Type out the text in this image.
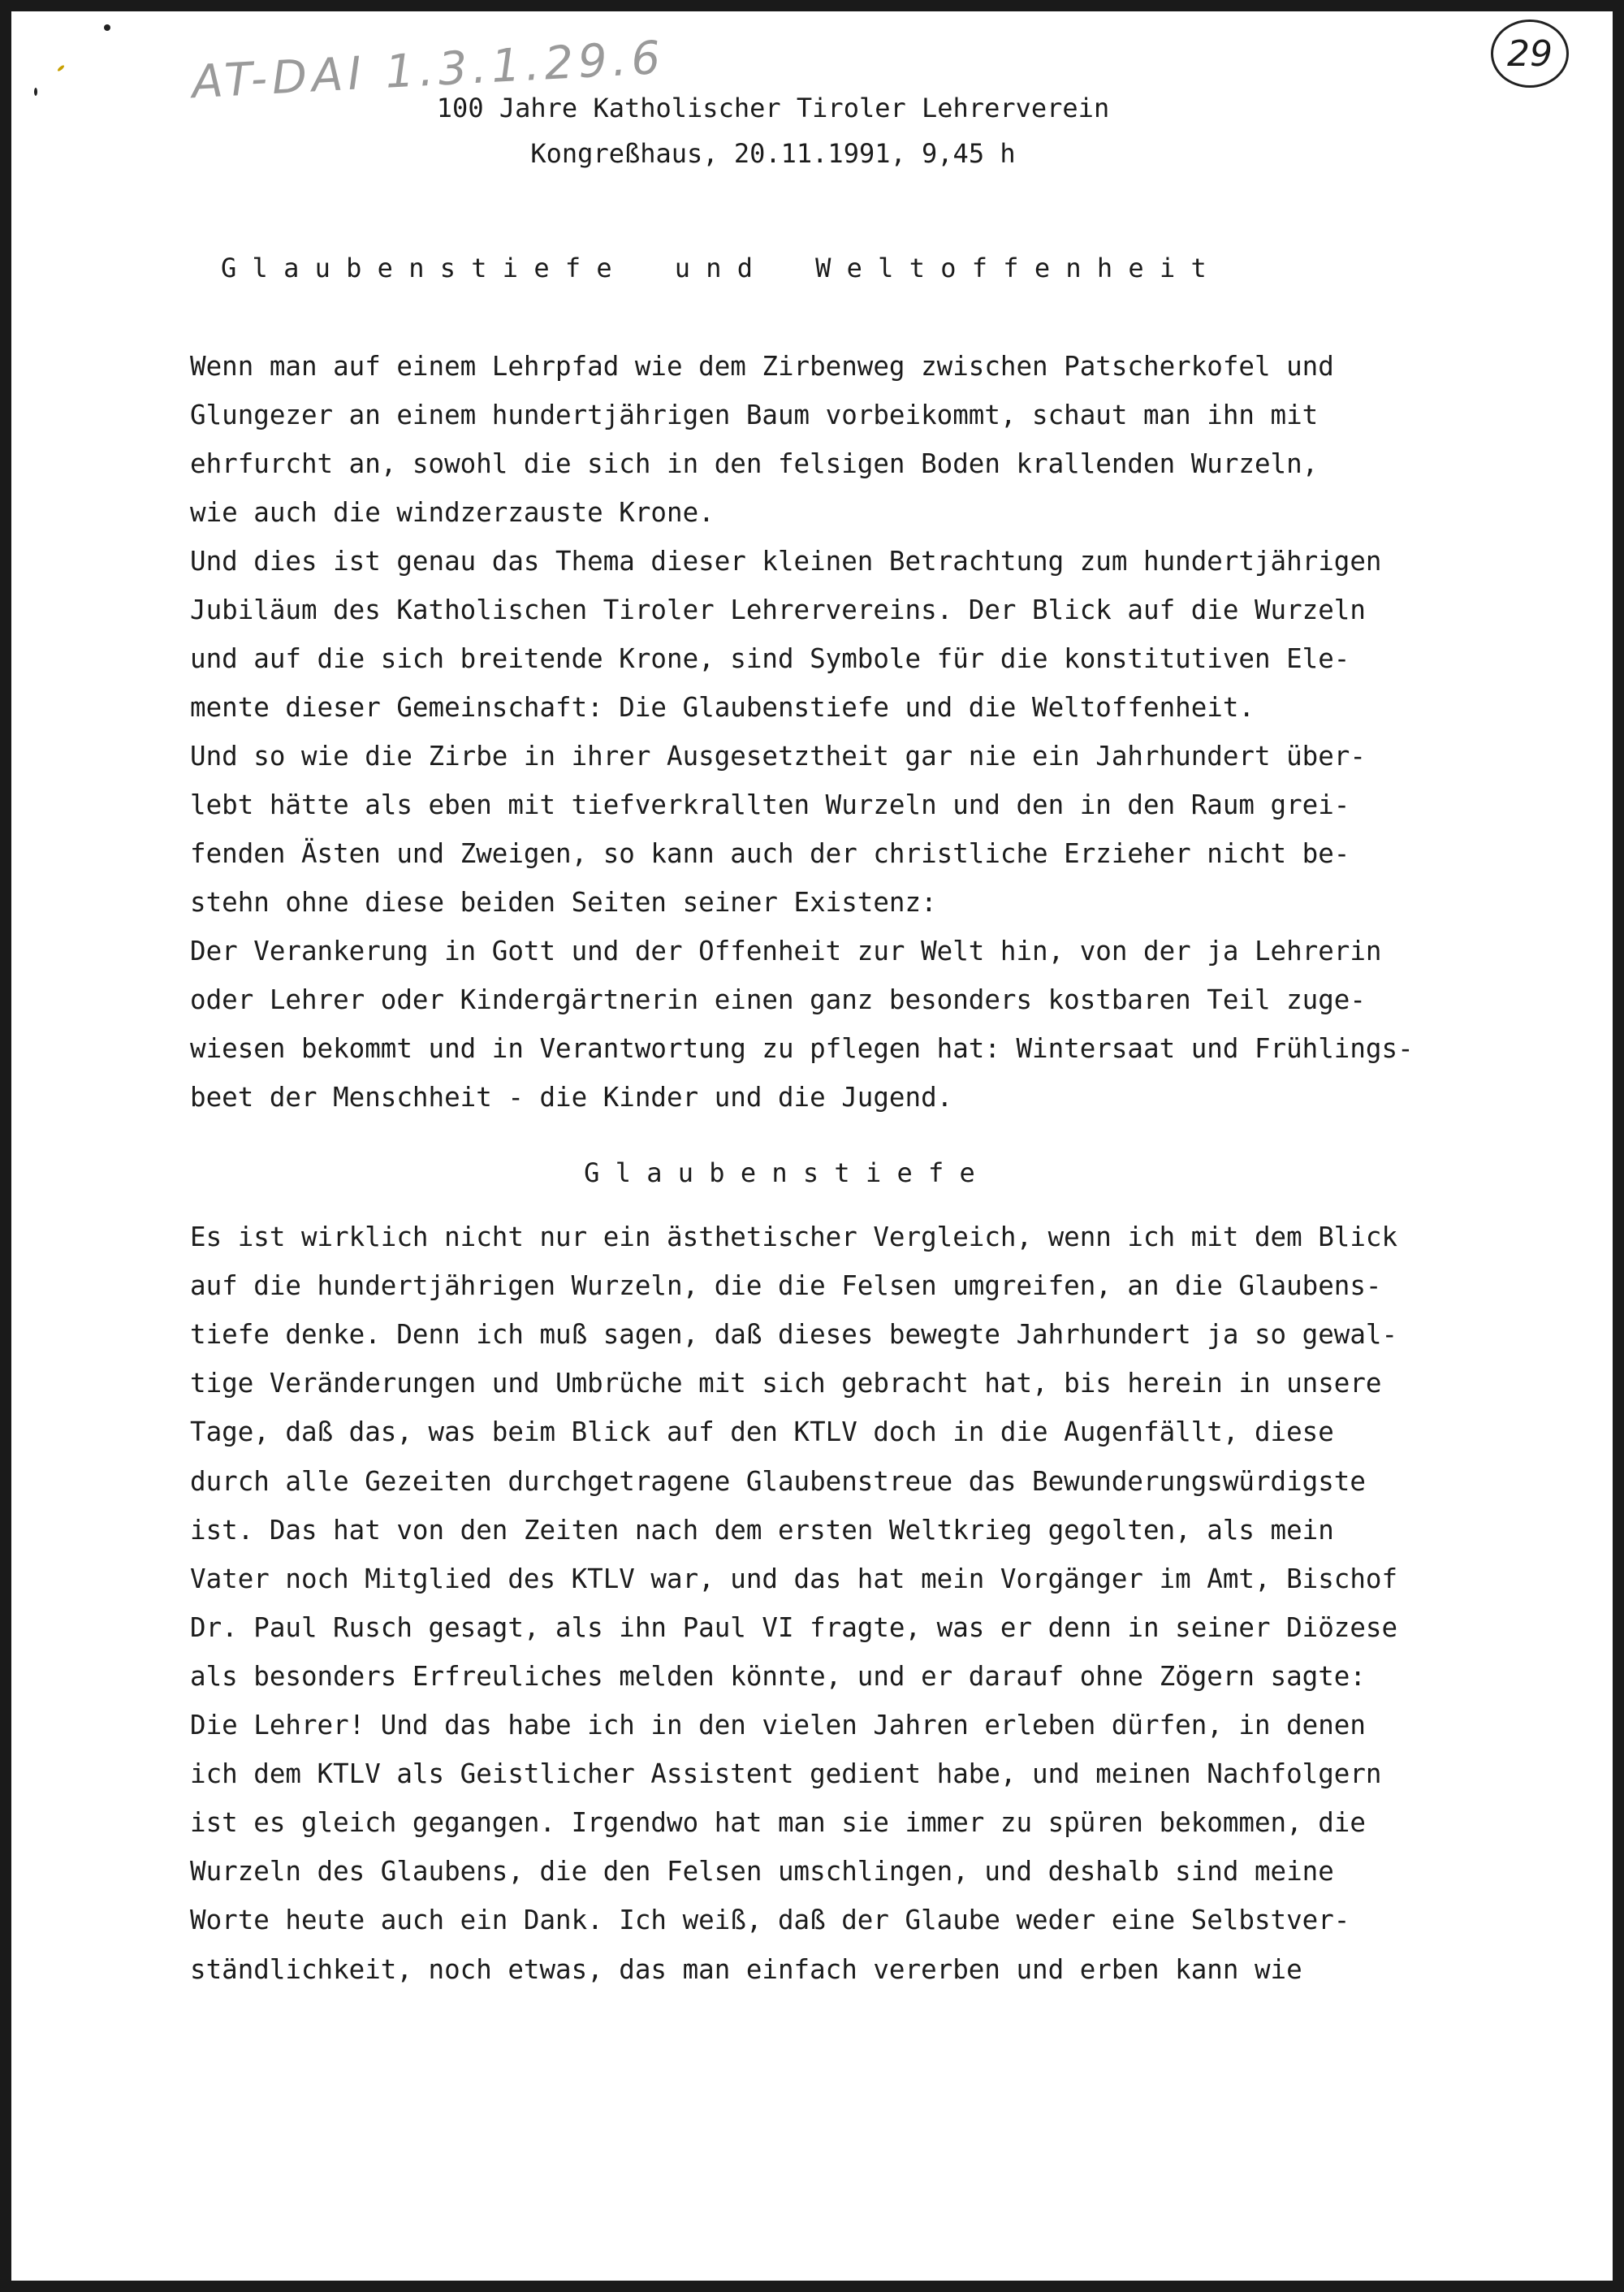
AT-DAI 1.3.1.29.6	29
100 Jahre Katholischer Tiroler Lehrerverein
Kongreßhaus, 20.11.1991, 9,45 h
G l a u b e n s t i e f e    u n d    W e l t o f f e n h e i t
Wenn man auf einem Lehrpfad wie dem Zirbenweg zwischen Patscherkofel und
Glungezer an einem hundertjährigen Baum vorbeikommt, schaut man ihn mit
ehrfurcht an, sowohl die sich in den felsigen Boden krallenden Wurzeln,
wie auch die windzerzauste Krone.
Und dies ist genau das Thema dieser kleinen Betrachtung zum hundertjährigen
Jubiläum des Katholischen Tiroler Lehrervereins. Der Blick auf die Wurzeln
und auf die sich breitende Krone, sind Symbole für die konstitutiven Ele-
mente dieser Gemeinschaft: Die Glaubenstiefe und die Weltoffenheit.
Und so wie die Zirbe in ihrer Ausgesetztheit gar nie ein Jahrhundert über-
lebt hätte als eben mit tiefverkrallten Wurzeln und den in den Raum grei-
fenden Ästen und Zweigen, so kann auch der christliche Erzieher nicht be-
stehn ohne diese beiden Seiten seiner Existenz:
Der Verankerung in Gott und der Offenheit zur Welt hin, von der ja Lehrerin
oder Lehrer oder Kindergärtnerin einen ganz besonders kostbaren Teil zuge-
wiesen bekommt und in Verantwortung zu pflegen hat: Wintersaat und Frühlings-
beet der Menschheit - die Kinder und die Jugend.
G l a u b e n s t i e f e
Es ist wirklich nicht nur ein ästhetischer Vergleich, wenn ich mit dem Blick
auf die hundertjährigen Wurzeln, die die Felsen umgreifen, an die Glaubens-
tiefe denke. Denn ich muß sagen, daß dieses bewegte Jahrhundert ja so gewal-
tige Veränderungen und Umbrüche mit sich gebracht hat, bis herein in unsere
Tage, daß das, was beim Blick auf den KTLV doch in die Augenfällt, diese
durch alle Gezeiten durchgetragene Glaubenstreue das Bewunderungswürdigste
ist. Das hat von den Zeiten nach dem ersten Weltkrieg gegolten, als mein
Vater noch Mitglied des KTLV war, und das hat mein Vorgänger im Amt, Bischof
Dr. Paul Rusch gesagt, als ihn Paul VI fragte, was er denn in seiner Diözese
als besonders Erfreuliches melden könnte, und er darauf ohne Zögern sagte:
Die Lehrer! Und das habe ich in den vielen Jahren erleben dürfen, in denen
ich dem KTLV als Geistlicher Assistent gedient habe, und meinen Nachfolgern
ist es gleich gegangen. Irgendwo hat man sie immer zu spüren bekommen, die
Wurzeln des Glaubens, die den Felsen umschlingen, und deshalb sind meine
Worte heute auch ein Dank. Ich weiß, daß der Glaube weder eine Selbstver-
ständlichkeit, noch etwas, das man einfach vererben und erben kann wie
